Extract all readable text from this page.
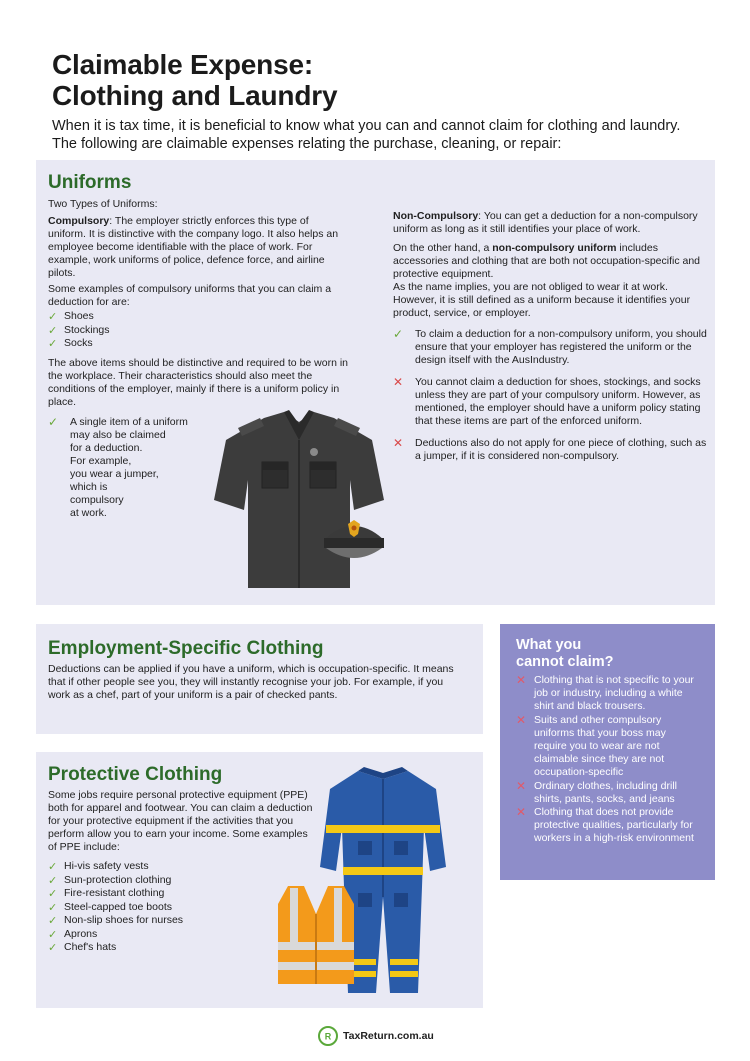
Claimable Expense:
Clothing and Laundry
When it is tax time, it is beneficial to know what you can and cannot claim for clothing and laundry. The following are claimable expenses relating the purchase, cleaning, or repair:
Uniforms
Two Types of Uniforms:
Compulsory: The employer strictly enforces this type of uniform. It is distinctive with the company logo. It also helps an employee become identifiable with the place of work. For example, work uniforms of police, defence force, and airline pilots.
Some examples of compulsory uniforms that you can claim a deduction for are:
✓ Shoes
✓ Stockings
✓ Socks
The above items should be distinctive and required to be worn in the workplace. Their characteristics should also meet the conditions of the employer, mainly if there is a uniform policy in place.
✓ A single item of a uniform
may also be claimed
for a deduction.
For example,
you wear a jumper,
which is
compulsory
at work.
Non-Compulsory: You can get a deduction for a non-compulsory uniform as long as it still identifies your place of work.
On the other hand, a non-compulsory uniform includes accessories and clothing that are both not occupation-specific and protective equipment.
As the name implies, you are not obliged to wear it at work. However, it is still defined as a uniform because it identifies your product, service, or employer.
✓ To claim a deduction for a non-compulsory uniform, you should ensure that your employer has registered the uniform or the design itself with the AusIndustry.
✕ You cannot claim a deduction for shoes, stockings, and socks unless they are part of your compulsory uniform. However, as mentioned, the employer should have a uniform policy stating that these items are part of the enforced uniform.
✕ Deductions also do not apply for one piece of clothing, such as a jumper, if it is considered non-compulsory.
Employment-Specific Clothing
Deductions can be applied if you have a uniform, which is occupation-specific. It means that if other people see you, they will instantly recognise your job. For example, if you work as a chef, part of your uniform is a pair of checked pants.
Protective Clothing
Some jobs require personal protective equipment (PPE) both for apparel and footwear. You can claim a deduction for your protective equipment if the activities that you perform allow you to earn your income. Some examples of PPE include:
✓ Hi-vis safety vests
✓ Sun-protection clothing
✓ Fire-resistant clothing
✓ Steel-capped toe boots
✓ Non-slip shoes for nurses
✓ Aprons
✓ Chef's hats
What you
cannot claim?
✕ Clothing that is not specific to your job or industry, including a white shirt and black trousers.
✕ Suits and other compulsory uniforms that your boss may require you to wear are not claimable since they are not occupation-specific
✕ Ordinary clothes, including drill shirts, pants, socks, and jeans
✕ Clothing that does not provide protective qualities, particularly for workers in a high-risk environment
R TaxReturn.com.au
